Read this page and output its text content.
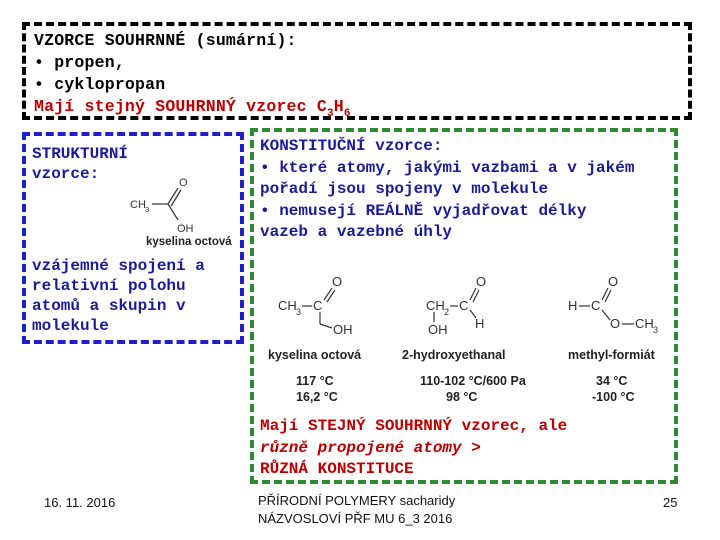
VZORCE SOUHRNNÉ (sumární):
• propen,
• cyklopropan
Mají stejný SOUHRNNÝ vzorec $C_3H_6$
STRUKTURNÍ
vzorce:
CH 3
O
OH
kyselina octová
vzájemné spojení a
relativní polohu
atomů a skupin v
molekule
KONSTITUČNÍ vzorce:
• které atomy, jakými vazbami a v jakém
pořadí jsou spojeny v molekule
• nemusejí REÁLNĚ vyjadřovat délky
vazeb a vazebné úhly
CH 3 C
O
OH
CH 2 C
O
H
OH
H C
O
O CH 3
kyselina octová	2-hydroxyethanal	methyl-formiát
117 °C	110-102 °C/600 Pa	34 °C
16,2 °C	98 °C	-100 °C
Mají STEJNÝ SOUHRNNÝ vzorec, ale
různě propojené atomy >
RŮZNÁ KONSTITUCE
16. 11. 2016	PŘÍRODNÍ POLYMERY sacharidy
NÁZVOSLOVÍ PŘF MU 6_3 2016
25
